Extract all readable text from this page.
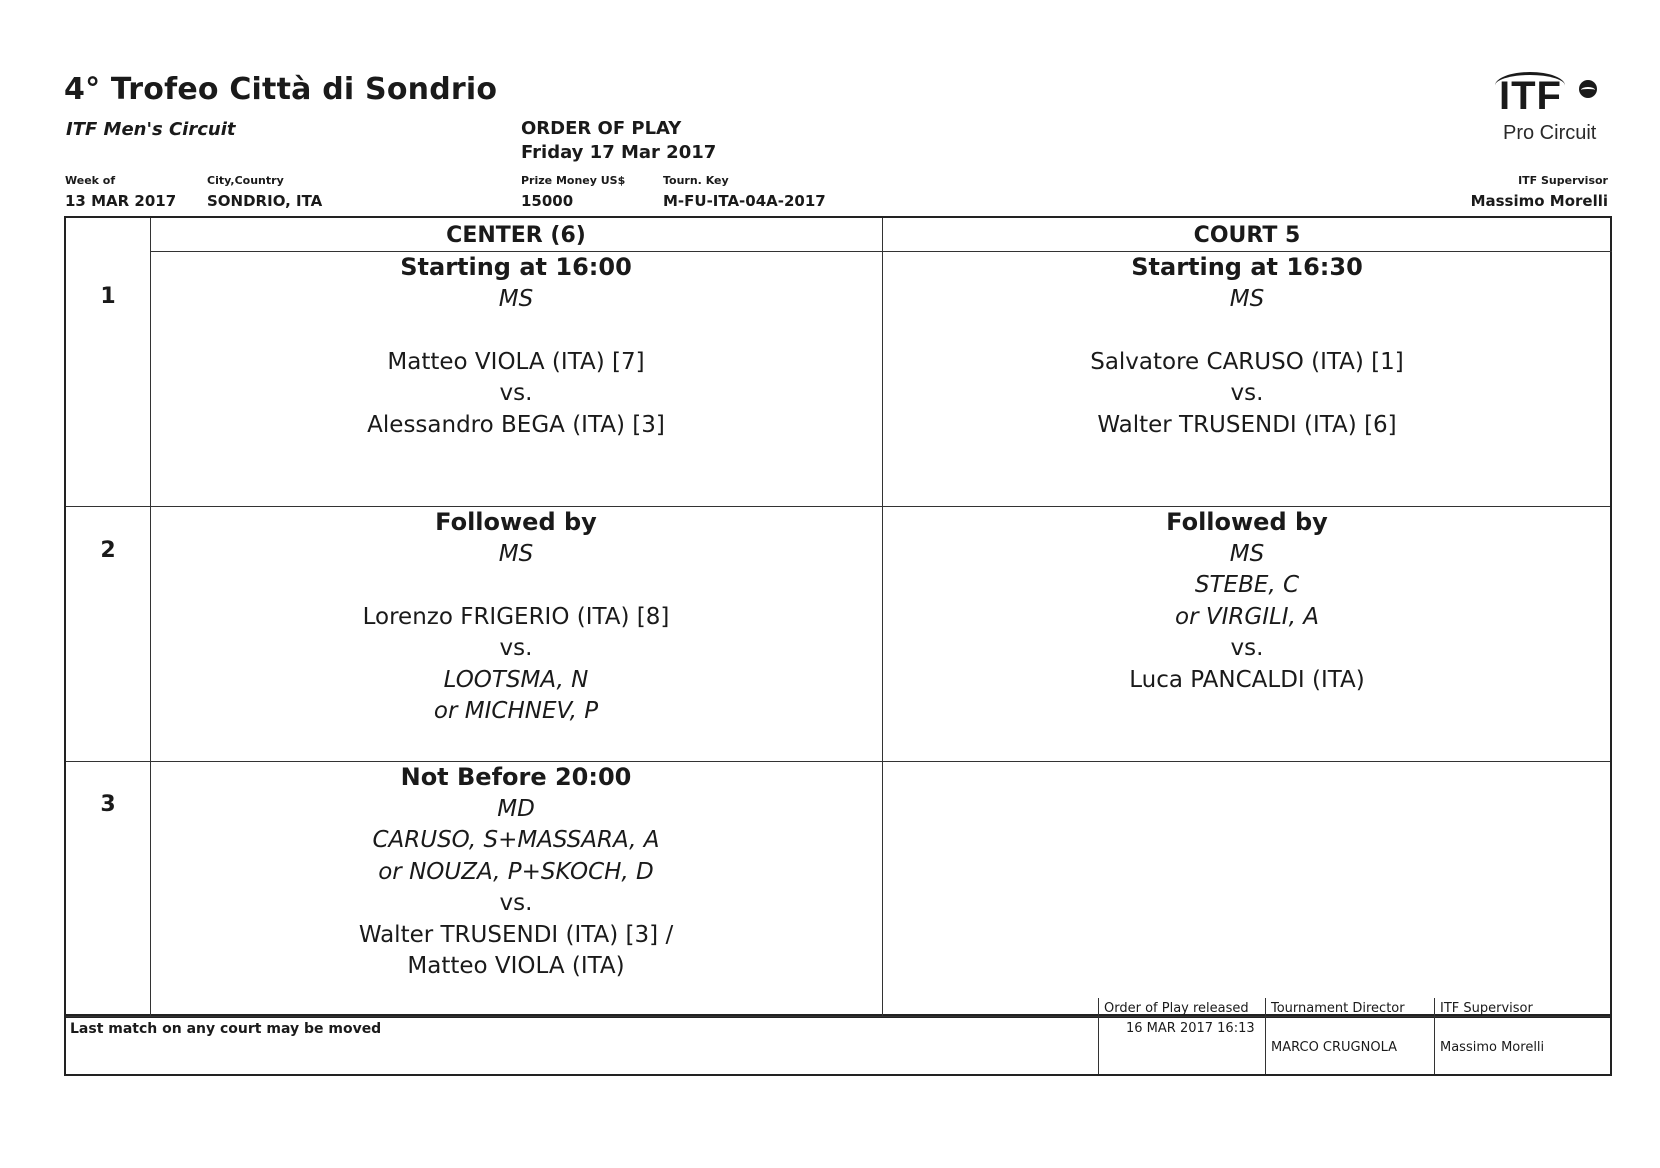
4° Trofeo Città di Sondrio
ITF Men's Circuit	ORDER OF PLAY
Friday 17 Mar 2017
Week of
13 MAR 2017
City,Country
SONDRIO, ITA
Prize Money US$
15000
Tourn. Key
M-FU-ITA-04A-2017
ITF Supervisor
Massimo Morelli
ITF
Pro Circuit
CENTER (6)	COURT 5
1
2
3
Starting at 16:00
MS
Matteo VIOLA (ITA) [7]
vs.
Alessandro BEGA (ITA) [3]
Starting at 16:30
MS
Salvatore CARUSO (ITA) [1]
vs.
Walter TRUSENDI (ITA) [6]
Followed by
MS
Lorenzo FRIGERIO (ITA) [8]
vs.
LOOTSMA, N
or MICHNEV, P
Followed by
MS
STEBE, C
or VIRGILI, A
vs.
Luca PANCALDI (ITA)
Not Before 20:00
MD
CARUSO, S+MASSARA, A
or NOUZA, P+SKOCH, D
vs.
Walter TRUSENDI (ITA) [3] /
Matteo VIOLA (ITA)
Last match on any court may be moved
Order of Play released
16 MAR 2017 16:13
Tournament Director
MARCO CRUGNOLA
ITF Supervisor
Massimo Morelli
